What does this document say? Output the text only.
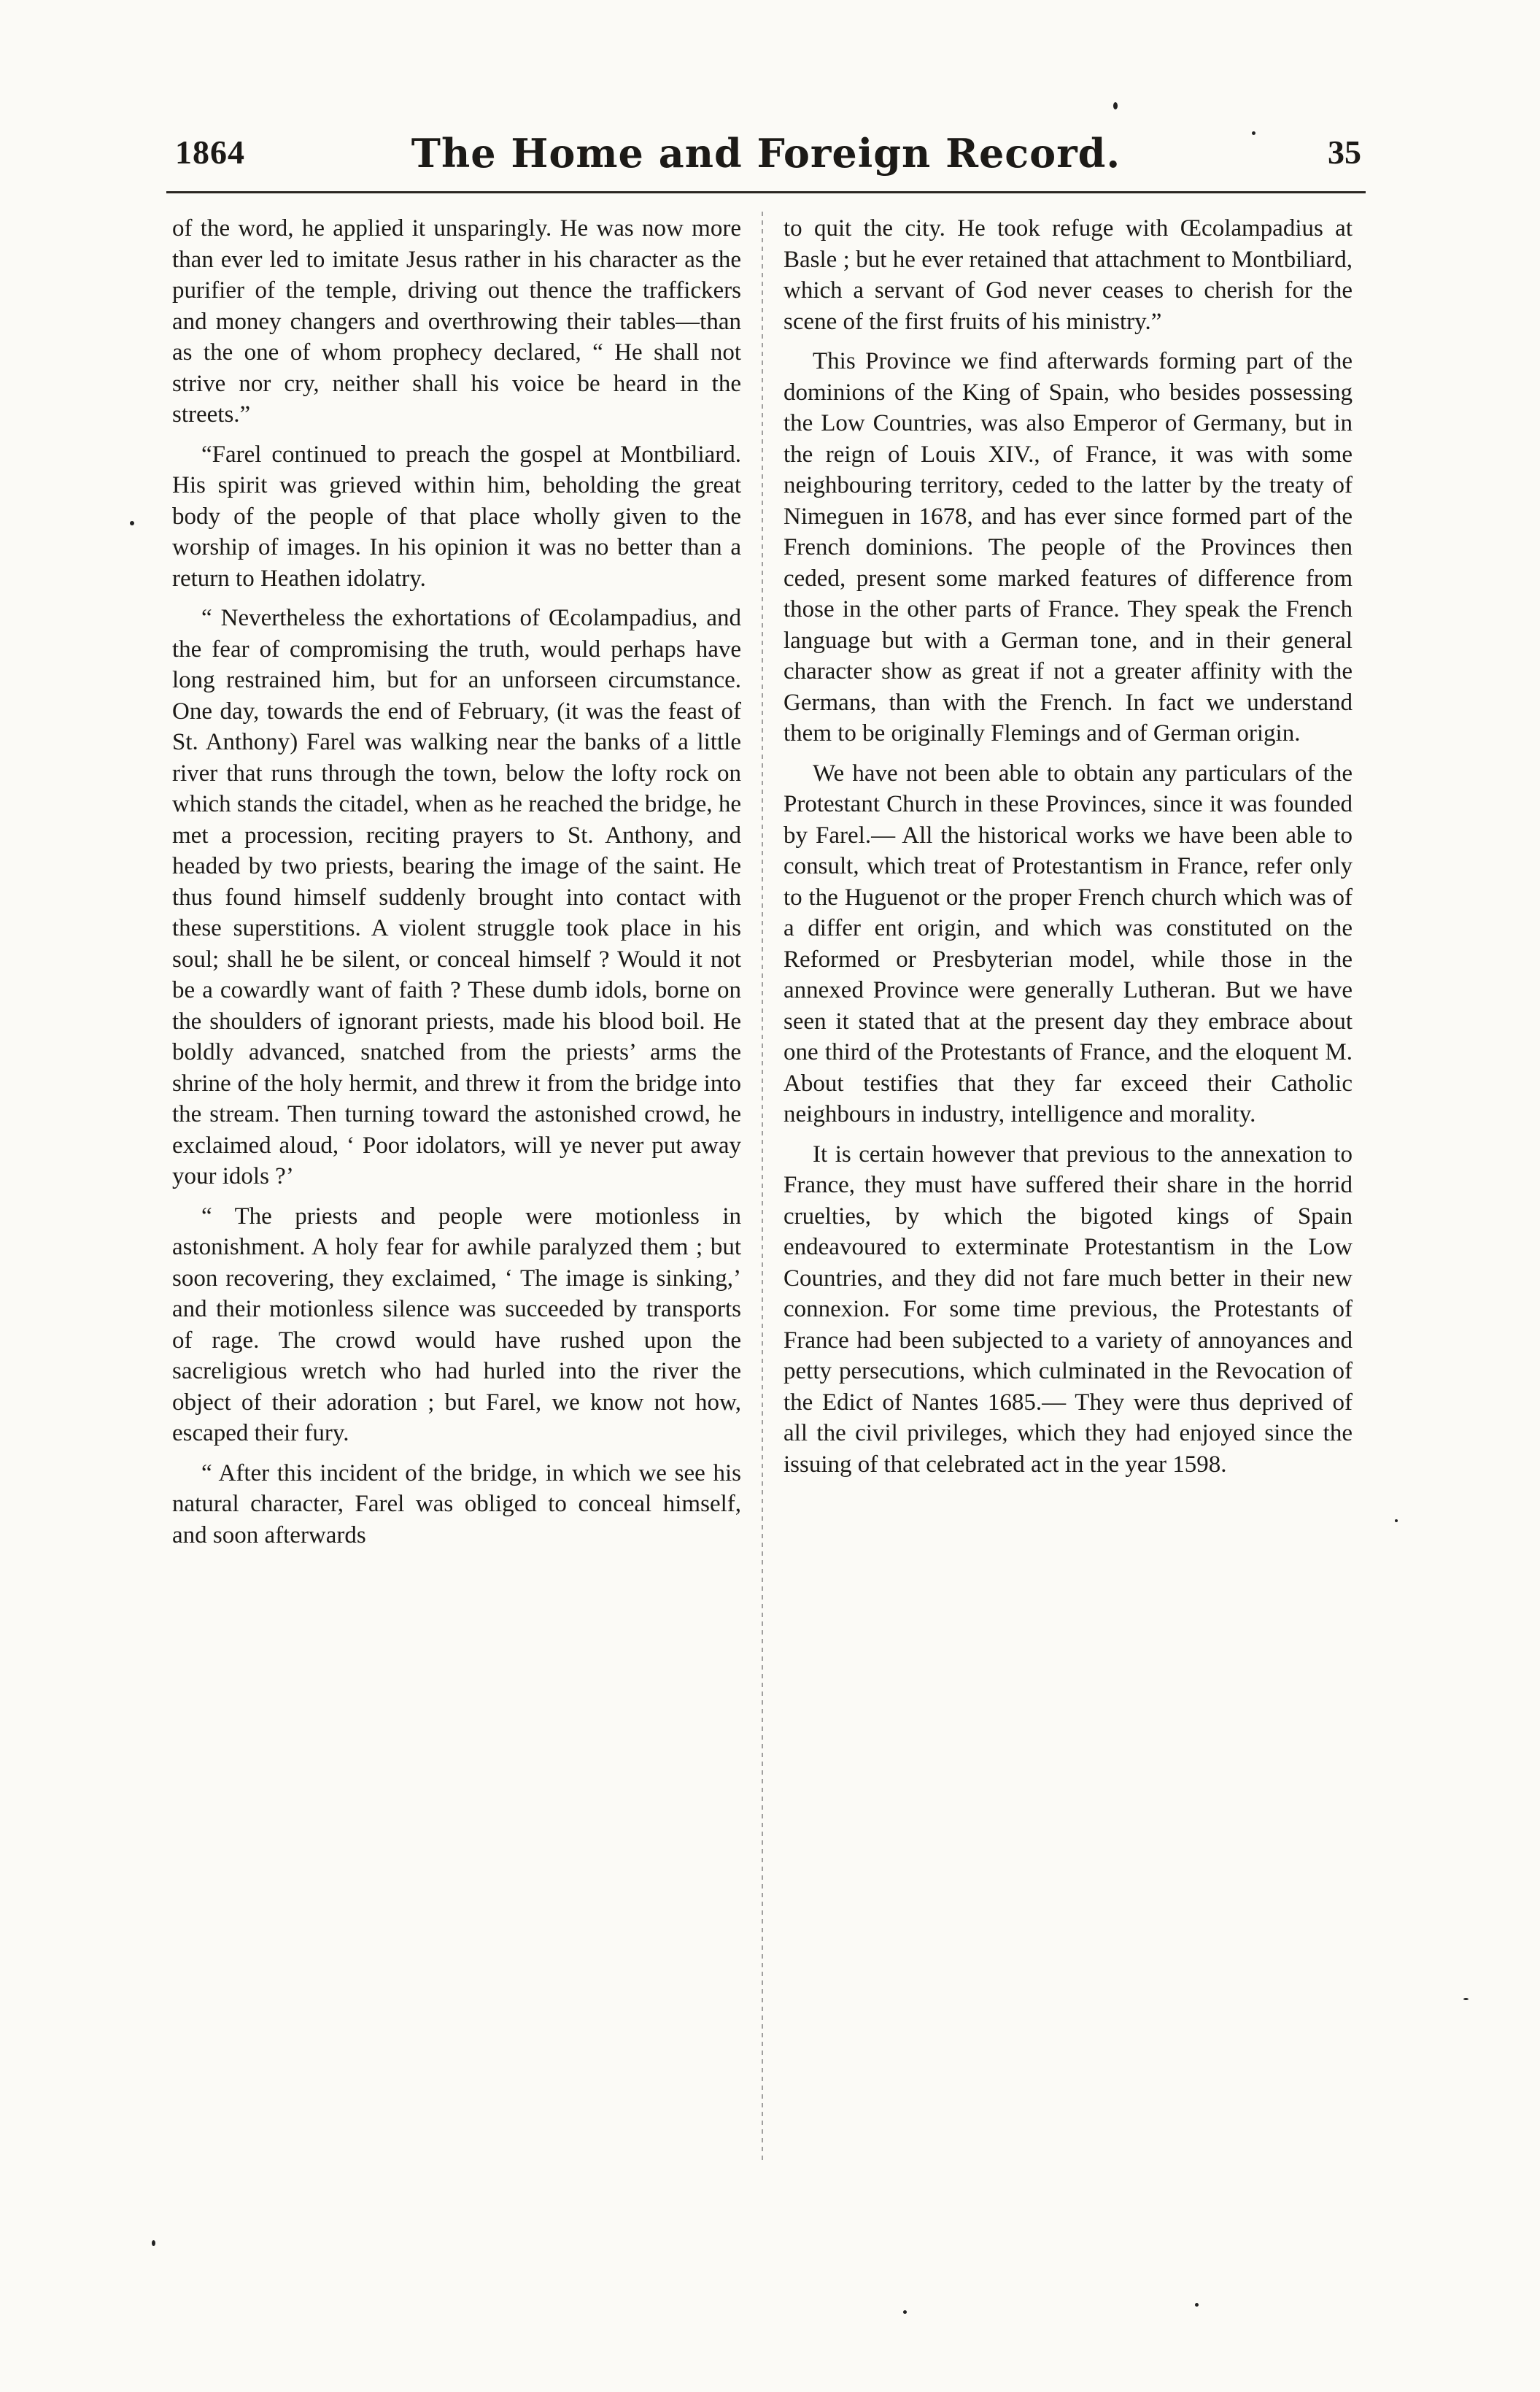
1864	The Home and Foreign Record.	35

of the word, he applied it unsparingly. He was now more than ever led to imitate Jesus rather in his character as the purifier of the temple, driving out thence the traffickers and money changers and overthrowing their tables—than as the one of whom prophecy declared, “ He shall not strive nor cry, neither shall his voice be heard in the streets.”

“Farel continued to preach the gospel at Montbiliard. His spirit was grieved within him, beholding the great body of the people of that place wholly given to the worship of images. In his opinion it was no better than a return to Heathen idolatry.

“ Nevertheless the exhortations of Œcolampadius, and the fear of compromising the truth, would perhaps have long restrained him, but for an unforseen circumstance. One day, towards the end of February, (it was the feast of St. Anthony) Farel was walking near the banks of a little river that runs through the town, below the lofty rock on which stands the citadel, when as he reached the bridge, he met a procession, reciting prayers to St. Anthony, and headed by two priests, bearing the image of the saint. He thus found himself suddenly brought into contact with these superstitions. A violent struggle took place in his soul; shall he be silent, or conceal himself ? Would it not be a cowardly want of faith ? These dumb idols, borne on the shoulders of ignorant priests, made his blood boil. He boldly advanced, snatched from the priests’ arms the shrine of the holy hermit, and threw it from the bridge into the stream. Then turning toward the astonished crowd, he exclaimed aloud, ‘ Poor idolators, will ye never put away your idols ?’

“ The priests and people were motionless in astonishment. A holy fear for awhile paralyzed them ; but soon recovering, they exclaimed, ‘ The image is sinking,’ and their motionless silence was succeeded by transports of rage. The crowd would have rushed upon the sacreligious wretch who had hurled into the river the object of their adoration ; but Farel, we know not how, escaped their fury.

“ After this incident of the bridge, in which we see his natural character, Farel was obliged to conceal himself, and soon afterwards

to quit the city. He took refuge with Œcolampadius at Basle ; but he ever retained that attachment to Montbiliard, which a servant of God never ceases to cherish for the scene of the first fruits of his ministry.”

This Province we find afterwards forming part of the dominions of the King of Spain, who besides possessing the Low Countries, was also Emperor of Germany, but in the reign of Louis XIV., of France, it was with some neighbouring territory, ceded to the latter by the treaty of Nimeguen in 1678, and has ever since formed part of the French dominions. The people of the Provinces then ceded, present some marked features of difference from those in the other parts of France. They speak the French language but with a German tone, and in their general character show as great if not a greater affinity with the Germans, than with the French. In fact we understand them to be originally Flemings and of German origin.

We have not been able to obtain any particulars of the Protestant Church in these Provinces, since it was founded by Farel.— All the historical works we have been able to consult, which treat of Protestantism in France, refer only to the Huguenot or the proper French church which was of a differ ent origin, and which was constituted on the Reformed or Presbyterian model, while those in the annexed Province were generally Lutheran. But we have seen it stated that at the present day they embrace about one third of the Protestants of France, and the eloquent M. About testifies that they far exceed their Catholic neighbours in industry, intelligence and morality.

It is certain however that previous to the annexation to France, they must have suffered their share in the horrid cruelties, by which the bigoted kings of Spain endeavoured to exterminate Protestantism in the Low Countries, and they did not fare much better in their new connexion. For some time previous, the Protestants of France had been subjected to a variety of annoyances and petty persecutions, which culminated in the Revocation of the Edict of Nantes 1685.— They were thus deprived of all the civil privileges, which they had enjoyed since the issuing of that celebrated act in the year 1598.
